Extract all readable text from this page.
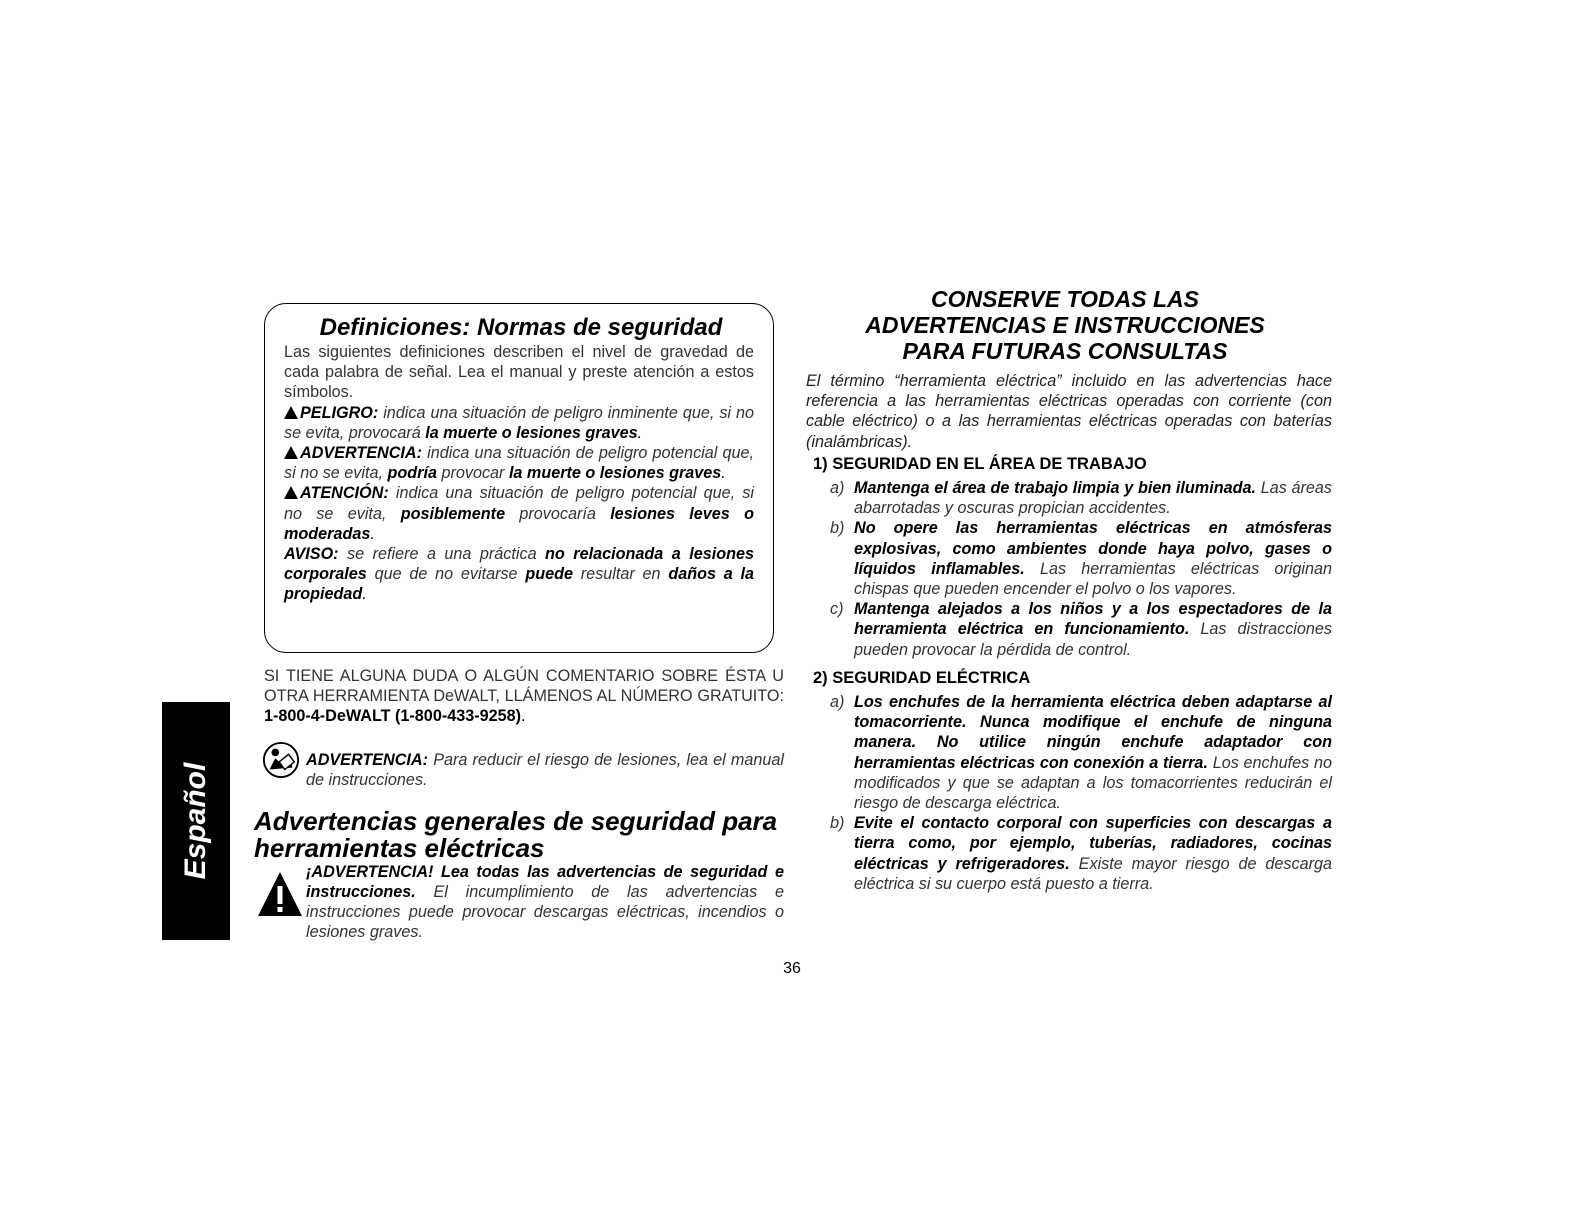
Español
Definiciones: Normas de seguridad

Las siguientes definiciones describen el nivel de gravedad de cada palabra de señal. Lea el manual y preste atención a estos símbolos.

PELIGRO: indica una situación de peligro inminente que, si no se evita, provocará la muerte o lesiones graves.

ADVERTENCIA: indica una situación de peligro potencial que, si no se evita, podría provocar la muerte o lesiones graves.

ATENCIÓN: indica una situación de peligro potencial que, si no se evita, posiblemente provocaría lesiones leves o moderadas.

AVISO: se refiere a una práctica no relacionada a lesiones corporales que de no evitarse puede resultar en daños a la propiedad.

SI TIENE ALGUNA DUDA O ALGÚN COMENTARIO SOBRE ÉSTA U OTRA HERRAMIENTA DeWALT, LLÁMENOS AL NÚMERO GRATUITO: 1-800-4-DeWALT (1-800-433-9258).

ADVERTENCIA: Para reducir el riesgo de lesiones, lea el manual de instrucciones.

Advertencias generales de seguridad para herramientas eléctricas

¡ADVERTENCIA! Lea todas las advertencias de seguridad e instrucciones. El incumplimiento de las advertencias e instrucciones puede provocar descargas eléctricas, incendios o lesiones graves.

CONSERVE TODAS LAS
ADVERTENCIAS E INSTRUCCIONES
PARA FUTURAS CONSULTAS

El término “herramienta eléctrica” incluido en las advertencias hace referencia a las herramientas eléctricas operadas con corriente (con cable eléctrico) o a las herramientas eléctricas operadas con baterías (inalámbricas).

1) SEGURIDAD EN EL ÁREA DE TRABAJO

a) Mantenga el área de trabajo limpia y bien iluminada. Las áreas abarrotadas y oscuras propician accidentes.

b) No opere las herramientas eléctricas en atmósferas explosivas, como ambientes donde haya polvo, gases o líquidos inflamables. Las herramientas eléctricas originan chispas que pueden encender el polvo o los vapores.

c) Mantenga alejados a los niños y a los espectadores de la herramienta eléctrica en funcionamiento. Las distracciones pueden provocar la pérdida de control.

2) SEGURIDAD ELÉCTRICA

a) Los enchufes de la herramienta eléctrica deben adaptarse al tomacorriente. Nunca modifique el enchufe de ninguna manera. No utilice ningún enchufe adaptador con herramientas eléctricas con conexión a tierra. Los enchufes no modificados y que se adaptan a los tomacorrientes reducirán el riesgo de descarga eléctrica.

b) Evite el contacto corporal con superficies con descargas a tierra como, por ejemplo, tuberías, radiadores, cocinas eléctricas y refrigeradores. Existe mayor riesgo de descarga eléctrica si su cuerpo está puesto a tierra.

36
